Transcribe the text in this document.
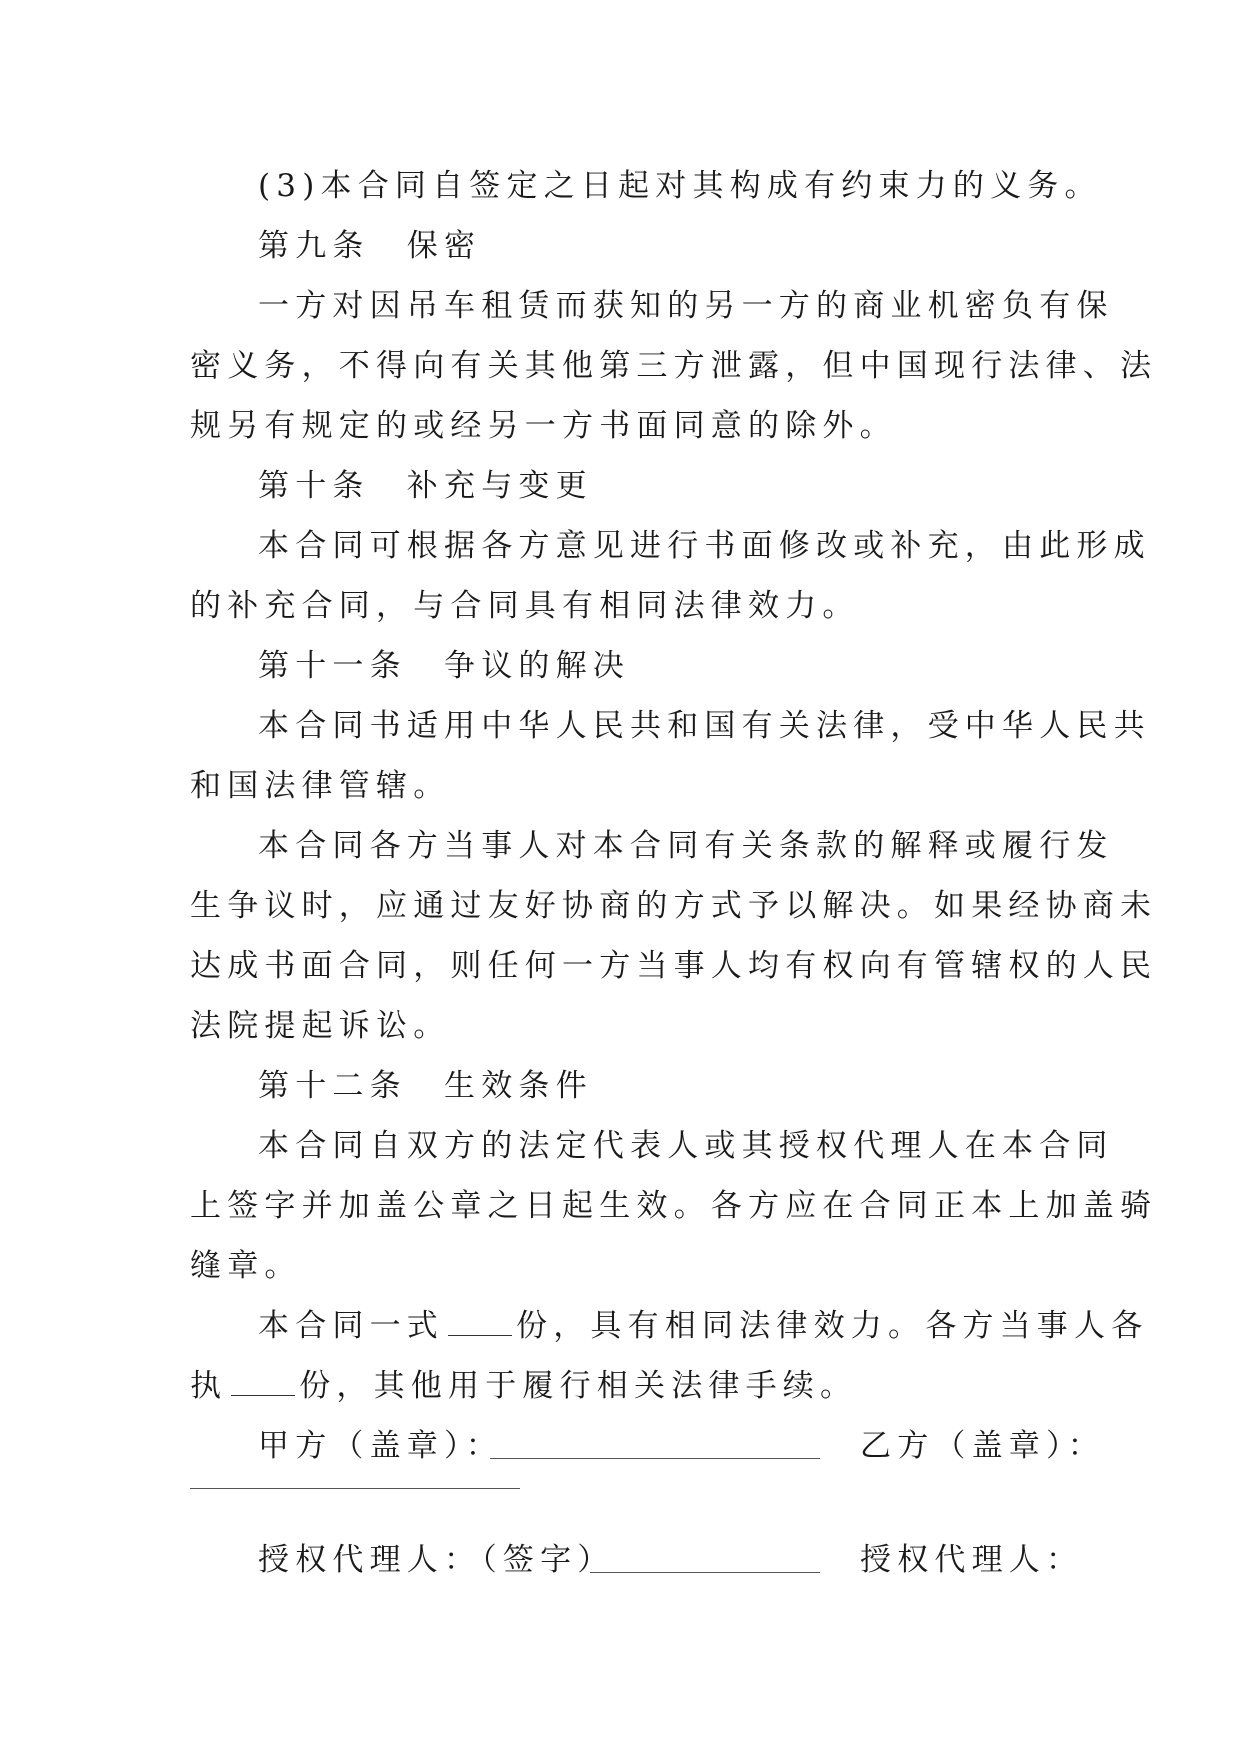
(3)本合同自签定之日起对其构成有约束力的义务。
第九条　保密
一方对因吊车租赁而获知的另一方的商业机密负有保
密义务，不得向有关其他第三方泄露，但中国现行法律、法
规另有规定的或经另一方书面同意的除外。
第十条　补充与变更
本合同可根据各方意见进行书面修改或补充，由此形成
的补充合同，与合同具有相同法律效力。
第十一条　争议的解决
本合同书适用中华人民共和国有关法律，受中华人民共
和国法律管辖。
本合同各方当事人对本合同有关条款的解释或履行发
生争议时，应通过友好协商的方式予以解决。如果经协商未
达成书面合同，则任何一方当事人均有权向有管辖权的人民
法院提起诉讼。
第十二条　生效条件
本合同自双方的法定代表人或其授权代理人在本合同
上签字并加盖公章之日起生效。各方应在合同正本上加盖骑
缝章。
本合同一式 份，具有相同法律效力。各方当事人各
执 份，其他用于履行相关法律手续。
甲方（盖章）：	乙方（盖章）：
授权代理人：（签字）	授权代理人：
